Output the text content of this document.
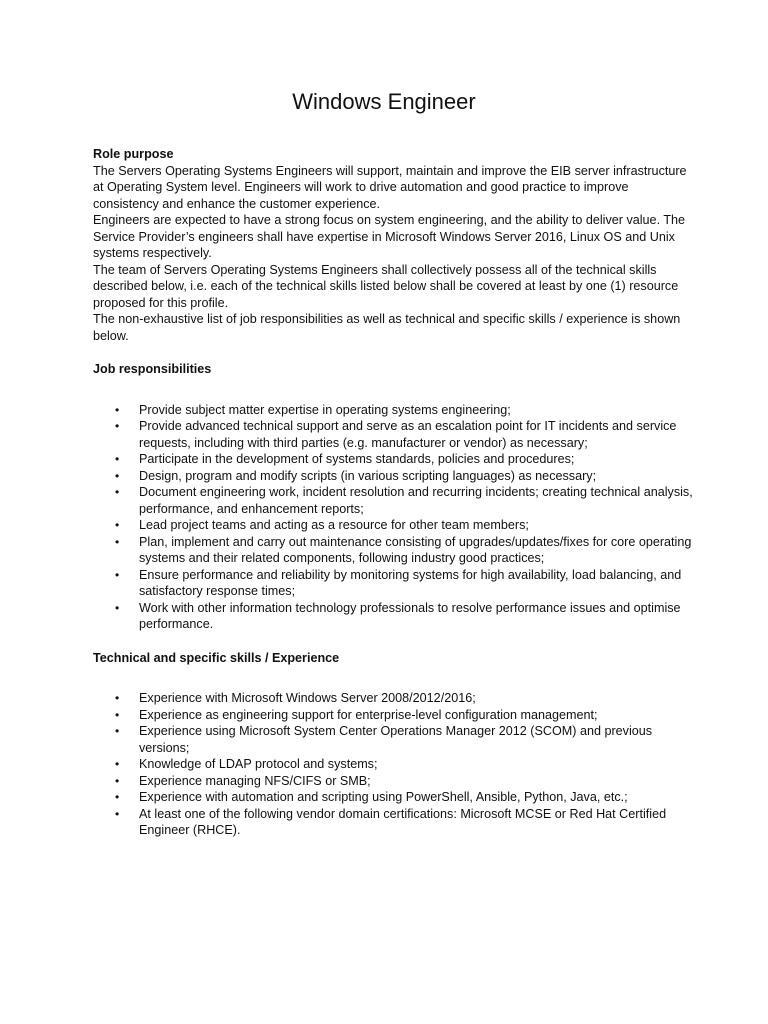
Windows Engineer

Role purpose

The Servers Operating Systems Engineers will support, maintain and improve the EIB server infrastructure at Operating System level. Engineers will work to drive automation and good practice to improve consistency and enhance the customer experience.

Engineers are expected to have a strong focus on system engineering, and the ability to deliver value. The Service Provider’s engineers shall have expertise in Microsoft Windows Server 2016, Linux OS and Unix systems respectively.

The team of Servers Operating Systems Engineers shall collectively possess all of the technical skills described below, i.e. each of the technical skills listed below shall be covered at least by one (1) resource proposed for this profile.

The non-exhaustive list of job responsibilities as well as technical and specific skills / experience is shown below.

Job responsibilities

• Provide subject matter expertise in operating systems engineering;
• Provide advanced technical support and serve as an escalation point for IT incidents and service requests, including with third parties (e.g. manufacturer or vendor) as necessary;
• Participate in the development of systems standards, policies and procedures;
• Design, program and modify scripts (in various scripting languages) as necessary;
• Document engineering work, incident resolution and recurring incidents; creating technical analysis, performance, and enhancement reports;
• Lead project teams and acting as a resource for other team members;
• Plan, implement and carry out maintenance consisting of upgrades/updates/fixes for core operating systems and their related components, following industry good practices;
• Ensure performance and reliability by monitoring systems for high availability, load balancing, and satisfactory response times;
• Work with other information technology professionals to resolve performance issues and optimise performance.

Technical and specific skills / Experience

• Experience with Microsoft Windows Server 2008/2012/2016;
• Experience as engineering support for enterprise-level configuration management;
• Experience using Microsoft System Center Operations Manager 2012 (SCOM) and previous versions;
• Knowledge of LDAP protocol and systems;
• Experience managing NFS/CIFS or SMB;
• Experience with automation and scripting using PowerShell, Ansible, Python, Java, etc.;
• At least one of the following vendor domain certifications: Microsoft MCSE or Red Hat Certified Engineer (RHCE).
